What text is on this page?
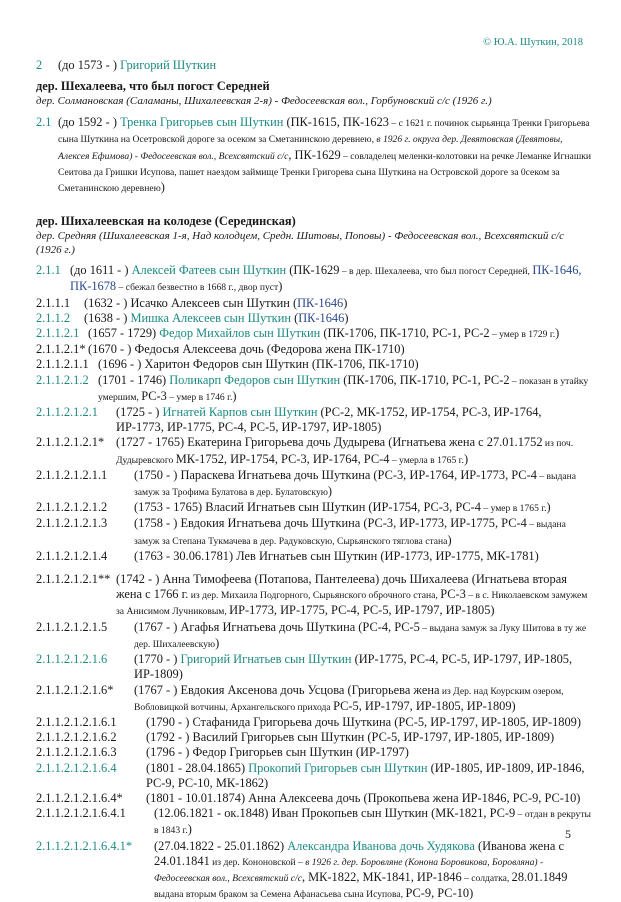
© Ю.А. Шуткин, 2018
2	(до 1573 - ) Григорий Шуткин
дер. Шехалеева, что был погост Середней
дер. Солмановская (Саламаны, Шихалеевская 2-я) - Федосеевская вол., Горбуновский с/с (1926 г.)
2.1 (до 1592 - ) Тренка Григорьев сын Шуткин (ПК-1615, ПК-1623 – с 1621 г. починок сырьянца Тренки Григорьева сына Шуткина на Осетровской дороге за осеком за Сметанинскою деревнею, в 1926 г. округа дер. Девятовская (Девятовы, Алексея Ефимова) - Федосеевская вол., Всехсвятский с/с, ПК-1629 – совладелец меленки-колотовки на речке Леманке Игнашки Сеитова да Гришки Исупова, пашет наездом займище Тренки Григорева сына Шуткина на Островской дороге за 0секом за Сметанинскою деревнею)
дер. Шихалеевская на колодезе (Серединская)
дер. Средняя (Шихалеевская 1-я, Над колодцем, Средн. Шитовы, Поповы) - Федосеевская вол., Всехсвятский с/с (1926 г.)
2.1.1 (до 1611 - ) Алексей Фатеев сын Шуткин (ПК-1629 – в дер. Шехалеева, что был погост Середней, ПК-1646, ПК-1678 – сбежал безвестно в 1668 г., двор пуст)
2.1.1.1	(1632 - ) Исачко Алексеев сын Шуткин (ПК-1646)
2.1.1.2	(1638 - ) Мишка Алексеев сын Шуткин (ПК-1646)
2.1.1.2.1 (1657 - 1729) Федор Михайлов сын Шуткин (ПК-1706, ПК-1710, РС-1, РС-2 – умер в 1729 г.)
2.1.1.2.1* (1670 - ) Федосья Алексеева дочь (Федорова жена ПК-1710)
2.1.1.2.1.1 (1696 - ) Харитон Федоров сын Шуткин (ПК-1706, ПК-1710)
2.1.1.2.1.2 (1701 - 1746) Поликарп Федоров сын Шуткин (ПК-1706, ПК-1710, РС-1, РС-2 – показан в утайку умершим, РС-3 – умер в 1746 г.)
2.1.1.2.1.2.1	(1725 - ) Игнатей Карпов сын Шуткин (РС-2, МК-1752, ИР-1754, РС-3, ИР-1764, ИР-1773, ИР-1775, РС-4, РС-5, ИР-1797, ИР-1805)
2.1.1.2.1.2.1* (1727 - 1765) Екатерина Григорьева дочь Дудырева (Игнатьева жена с 27.01.1752 из поч. Дудыревского МК-1752, ИР-1754, РС-3, ИР-1764, РС-4 – умерла в 1765 г.)
2.1.1.2.1.2.1.1	(1750 - ) Параскева Игнатьева дочь Шуткина (РС-3, ИР-1764, ИР-1773, РС-4 – выдана замуж за Трофима Булатова в дер. Булатовскую)
2.1.1.2.1.2.1.2	(1753 - 1765) Власий Игнатьев сын Шуткин (ИР-1754, РС-3, РС-4 – умер в 1765 г.)
2.1.1.2.1.2.1.3	(1758 - ) Евдокия Игнатьева дочь Шуткина (РС-3, ИР-1773, ИР-1775, РС-4 – выдана замуж за Степана Тукмачева в дер. Радуковскую, Сырьянского тяглова стана)
2.1.1.2.1.2.1.4	(1763 - 30.06.1781) Лев Игнатьев сын Шуткин (ИР-1773, ИР-1775, МК-1781)
2.1.1.2.1.2.1** (1742 - ) Анна Тимофеева (Потапова, Пантелеева) дочь Шихалеева (Игнатьева вторая жена с 1766 г. из дер. Михаила Подгорного, Сырьянского оброчного стана, РС-3 – в с. Николаевском замужем за Анисимом Лучниковым, ИР-1773, ИР-1775, РС-4, РС-5, ИР-1797, ИР-1805)
2.1.1.2.1.2.1.5	(1767 - ) Агафья Игнатьева дочь Шуткина (РС-4, РС-5 – выдана замуж за Луку Шитова в ту же дер. Шихалеевскую)
2.1.1.2.1.2.1.6	(1770 - ) Григорий Игнатьев сын Шуткин (ИР-1775, РС-4, РС-5, ИР-1797, ИР-1805, ИР-1809)
2.1.1.2.1.2.1.6*	(1767 - ) Евдокия Аксенова дочь Усцова (Григорьева жена из Дер. над Коурским озером, Вобловицкой вотчины, Архангельского прихода РС-5, ИР-1797, ИР-1805, ИР-1809)
2.1.1.2.1.2.1.6.1	(1790 - ) Стафанида Григорьева дочь Шуткина (РС-5, ИР-1797, ИР-1805, ИР-1809)
2.1.1.2.1.2.1.6.2	(1792 - ) Василий Григорьев сын Шуткин (РС-5, ИР-1797, ИР-1805, ИР-1809)
2.1.1.2.1.2.1.6.3	(1796 - ) Федор Григорьев сын Шуткин (ИР-1797)
2.1.1.2.1.2.1.6.4	(1801 - 28.04.1865) Прокопий Григорьев сын Шуткин (ИР-1805, ИР-1809, ИР-1846, РС-9, РС-10, МК-1862)
2.1.1.2.1.2.1.6.4*	(1801 - 10.01.1874) Анна Алексеева дочь (Прокопьева жена ИР-1846, РС-9, РС-10)
2.1.1.2.1.2.1.6.4.1	(12.06.1821 - ок.1848) Иван Прокопьев сын Шуткин (МК-1821, РС-9 – отдан в рекруты в 1843 г.)
2.1.1.2.1.2.1.6.4.1*	(27.04.1822 - 25.01.1862) Александра Иванова дочь Худякова (Иванова жена с 24.01.1841 из дер. Кононовской – в 1926 г. дер. Боровляне (Конона Боровикова, Боровляна) - Федосеевская вол., Всехсвятский с/с, МК-1822, МК-1841, ИР-1846 – солдатка, 28.01.1849 выдана вторым браком за Семена Афанасьева сына Исупова, РС-9, РС-10)
5
